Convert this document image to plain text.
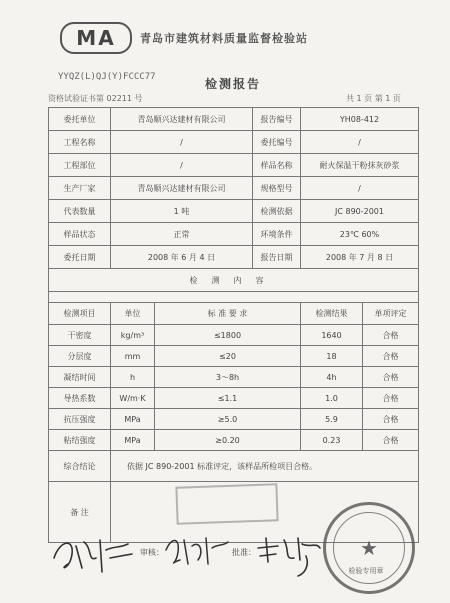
MA	青岛市建筑材料质量监督检验站
YYQZ(L)QJ(Y)FCCC77	检测报告
资格试验证书第 02211 号	共 1 页 第 1 页
委托单位	青岛顺兴达建材有限公司		报告编号	YH08-412	
工程名称	/		委托编号	/	
工程部位	/		样品名称	耐火保温干粉抹灰砂浆	
生产厂家	青岛顺兴达建材有限公司		规格型号	/	
代表数量	1 吨		检测依据	JC 890-2001	
样品状态	正常		环境条件	23℃ 60%	
委托日期	2008 年 6 月 4 日		报告日期	2008 年 7 月 8 日	
检测内容					

检测项目	单位	标 准 要 求		检测结果	单项评定
干密度	kg/m³	≤1800		1640	合格
分层度	mm	≤20		18	合格
凝结时间	h	3～8h		4h	合格
导热系数	W/m·K	≤1.1		1.0	合格
抗压强度	MPa	≥5.0		5.9	合格
粘结强度	MPa	≥0.20		0.23	合格
综合结论	依据 JC 890-2001 标准评定，该样品所检项目合格。				
备 注					
审核：	批准：	★
检验专用章
